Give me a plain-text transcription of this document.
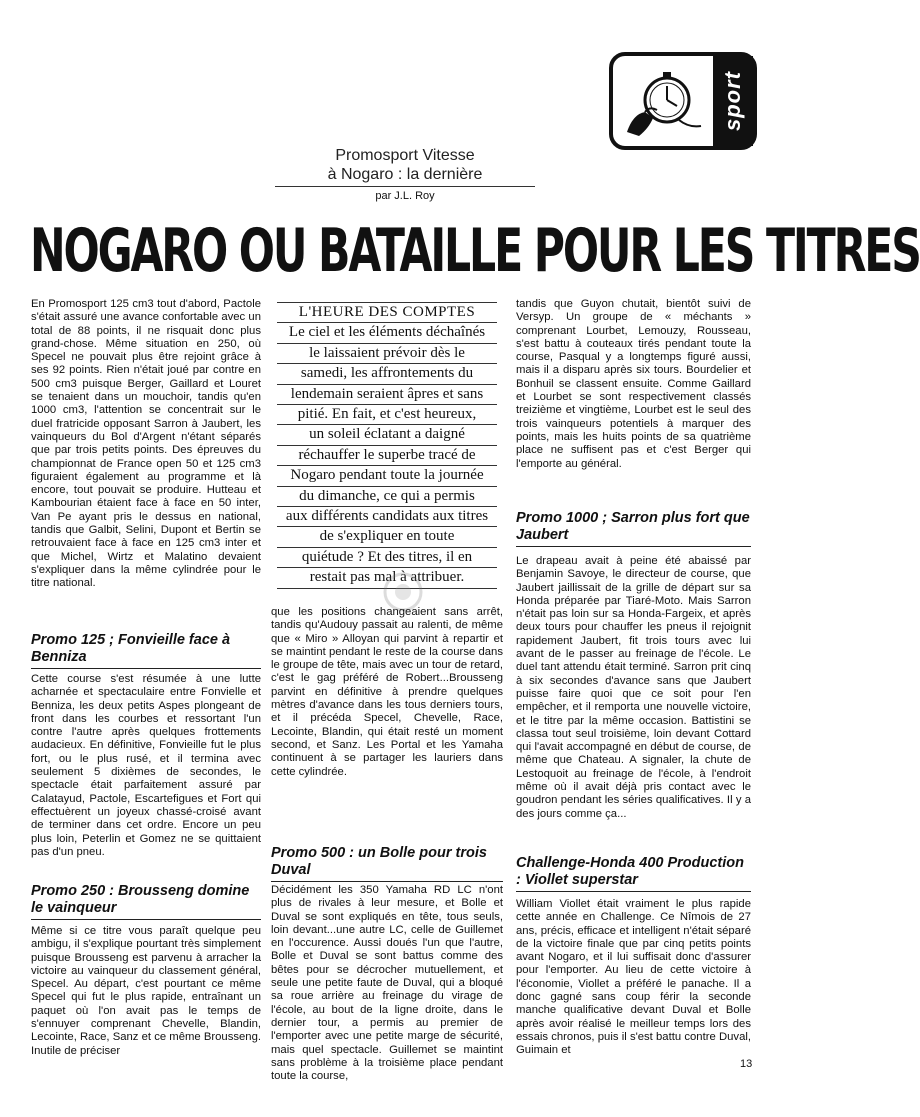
sport
Promosport Vitesse
à Nogaro : la dernière
par J.L. Roy
NOGARO OU BATAILLE POUR LES TITRES

En Promosport 125 cm3 tout d'abord, Pactole s'était assuré une avance confortable avec un total de 88 points, il ne risquait donc plus grand-chose. Même situation en 250, où Specel ne pouvait plus être rejoint grâce à ses 92 points. Rien n'était joué par contre en 500 cm3 puisque Berger, Gaillard et Louret se tenaient dans un mouchoir, tandis qu'en 1000 cm3, l'attention se concentrait sur le duel fratricide opposant Sarron à Jaubert, les vainqueurs du Bol d'Argent n'étant séparés que par trois petits points. Des épreuves du championnat de France open 50 et 125 cm3 figuraient également au programme et là encore, tout pouvait se produire. Hutteau et Kambourian étaient face à face en 50 inter, Van Pe ayant pris le dessus en national, tandis que Galbit, Selini, Dupont et Bertin se retrouvaient face à face en 125 cm3 inter et que Michel, Wirtz et Malatino devaient s'expliquer dans la même cylindrée pour le titre national.

Promo 125 ; Fonvieille face à Benniza
Cette course s'est résumée à une lutte acharnée et spectaculaire entre Fonvielle et Benniza, les deux petits Aspes plongeant de front dans les courbes et ressortant l'un contre l'autre après quelques frottements audacieux. En définitive, Fonvieille fut le plus fort, ou le plus rusé, et il termina avec seulement 5 dixièmes de secondes, le spectacle était parfaitement assuré par Calatayud, Pactole, Escartefigues et Fort qui effectuèrent un joyeux chassé-croisé avant de terminer dans cet ordre. Encore un peu plus loin, Peterlin et Gomez ne se quittaient pas d'un pneu.
Promo 250 : Brousseng domine le vainqueur
Même si ce titre vous paraît quelque peu ambigu, il s'explique pourtant très simplement puisque Brousseng est parvenu à arracher la victoire au vainqueur du classement général, Specel. Au départ, c'est pourtant ce même Specel qui fut le plus rapide, entraînant un paquet où l'on avait pas le temps de s'ennuyer comprenant Chevelle, Blandin, Lecointe, Race, Sanz et ce même Brousseng. Inutile de préciser
L'HEURE DES COMPTES
Le ciel et les éléments déchaînés
le laissaient prévoir dès le
samedi, les affrontements du
lendemain seraient âpres et sans
pitié. En fait, et c'est heureux,
un soleil éclatant a daigné
réchauffer le superbe tracé de
Nogaro pendant toute la journée
du dimanche, ce qui a permis
aux différents candidats aux titres
de s'expliquer en toute
quiétude ? Et des titres, il en
restait pas mal à attribuer.
que les positions changeaient sans arrêt, tandis qu'Audouy passait au ralenti, de même que « Miro » Alloyan qui parvint à repartir et se maintint pendant le reste de la course dans le groupe de tête, mais avec un tour de retard, c'est le gag préféré de Robert...Brousseng parvint en définitive à prendre quelques mètres d'avance dans les tous derniers tours, et il précéda Specel, Chevelle, Race, Lecointe, Blandin, qui était resté un moment second, et Sanz. Les Portal et les Yamaha continuent à se partager les lauriers dans cette cylindrée.
Promo 500 : un Bolle pour trois Duval
Décidément les 350 Yamaha RD LC n'ont plus de rivales à leur mesure, et Bolle et Duval se sont expliqués en tête, tous seuls, loin devant...une autre LC, celle de Guillemet en l'occurence. Aussi doués l'un que l'autre, Bolle et Duval se sont battus comme des bêtes pour se décrocher mutuellement, et seule une petite faute de Duval, qui a bloqué sa roue arrière au freinage du virage de l'école, au bout de la ligne droite, dans le dernier tour, a permis au premier de l'emporter avec une petite marge de sécurité, mais quel spectacle. Guillemet se maintint sans problème à la troisième place pendant toute la course,
tandis que Guyon chutait, bientôt suivi de Versyp. Un groupe de « méchants » comprenant Lourbet, Lemouzy, Rousseau, s'est battu à couteaux tirés pendant toute la course, Pasqual y a longtemps figuré aussi, mais il a disparu après six tours. Bourdelier et Bonhuil se classent ensuite. Comme Gaillard et Lourbet se sont respectivement classés treizième et vingtième, Lourbet est le seul des trois vainqueurs potentiels à marquer des points, mais les huits points de sa quatrième place ne suffisent pas et c'est Berger qui l'emporte au général.
Promo 1000 ; Sarron plus fort que Jaubert
Le drapeau avait à peine été abaissé par Benjamin Savoye, le directeur de course, que Jaubert jaillissait de la grille de départ sur sa Honda préparée par Tiaré-Moto. Mais Sarron n'était pas loin sur sa Honda-Fargeix, et après deux tours pour chauffer les pneus il rejoignit rapidement Jaubert, fit trois tours avec lui avant de le passer au freinage de l'école. Le duel tant attendu était terminé. Sarron prit cinq à six secondes d'avance sans que Jaubert puisse faire quoi que ce soit pour l'en empêcher, et il remporta une nouvelle victoire, et le titre par la même occasion. Battistini se classa tout seul troisième, loin devant Cottard qui l'avait accompagné en début de course, de même que Chateau. A signaler, la chute de Lestoquoit au freinage de l'école, à l'endroit même où il avait déjà pris contact avec le goudron pendant les séries qualificatives. Il y a des jours comme ça...
Challenge-Honda 400 Production : Viollet superstar
William Viollet était vraiment le plus rapide cette année en Challenge. Ce Nîmois de 27 ans, précis, efficace et intelligent n'était séparé de la victoire finale que par cinq petits points avant Nogaro, et il lui suffisait donc d'assurer pour l'emporter. Au lieu de cette victoire à l'économie, Viollet a préféré le panache. Il a donc gagné sans coup férir la seconde manche qualificative devant Duval et Bolle après avoir réalisé le meilleur temps lors des essais chronos, puis il s'est battu contre Duval, Guimain et
13
